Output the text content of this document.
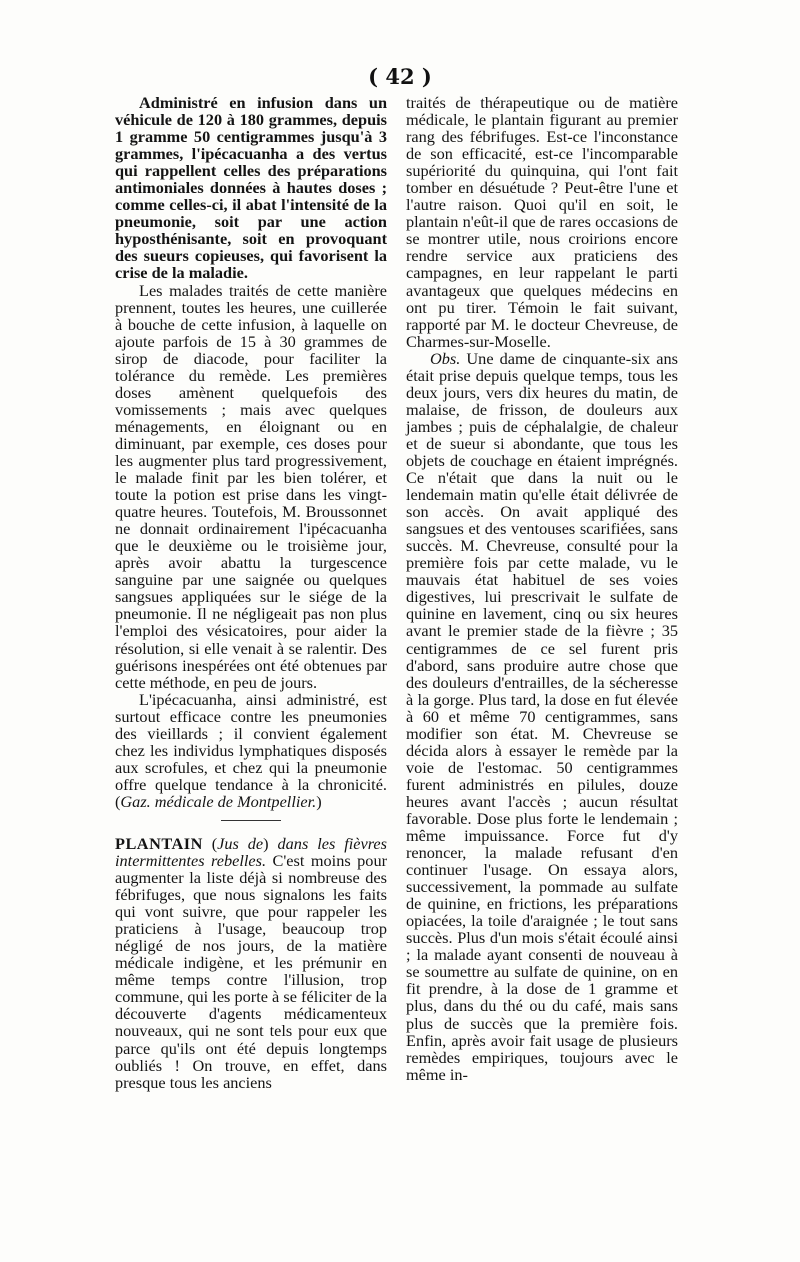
( 42 )

Administré en infusion dans un véhicule de 120 à 180 grammes, depuis 1 gramme 50 centigrammes jusqu'à 3 grammes, l'ipécacuanha a des vertus qui rappellent celles des préparations antimoniales données à hautes doses ; comme celles-ci, il abat l'intensité de la pneumonie, soit par une action hyposthénisante, soit en provoquant des sueurs copieuses, qui favorisent la crise de la maladie.

Les malades traités de cette manière prennent, toutes les heures, une cuillerée à bouche de cette infusion, à laquelle on ajoute parfois de 15 à 30 grammes de sirop de diacode, pour faciliter la tolérance du remède. Les premières doses amènent quelquefois des vomissements ; mais avec quelques ménagements, en éloignant ou en diminuant, par exemple, ces doses pour les augmenter plus tard progressivement, le malade finit par les bien tolérer, et toute la potion est prise dans les vingt-quatre heures. Toutefois, M. Broussonnet ne donnait ordinairement l'ipécacuanha que le deuxième ou le troisième jour, après avoir abattu la turgescence sanguine par une saignée ou quelques sangsues appliquées sur le siége de la pneumonie. Il ne négligeait pas non plus l'emploi des vésicatoires, pour aider la résolution, si elle venait à se ralentir. Des guérisons inespérées ont été obtenues par cette méthode, en peu de jours.

L'ipécacuanha, ainsi administré, est surtout efficace contre les pneumonies des vieillards ; il convient également chez les individus lymphatiques disposés aux scrofules, et chez qui la pneumonie offre quelque tendance à la chronicité. (Gaz. médicale de Montpellier.)

PLANTAIN (Jus de) dans les fièvres intermittentes rebelles. C'est moins pour augmenter la liste déjà si nombreuse des fébrifuges, que nous signalons les faits qui vont suivre, que pour rappeler les praticiens à l'usage, beaucoup trop négligé de nos jours, de la matière médicale indigène, et les prémunir en même temps contre l'illusion, trop commune, qui les porte à se féliciter de la découverte d'agents médicamenteux nouveaux, qui ne sont tels pour eux que parce qu'ils ont été depuis longtemps oubliés ! On trouve, en effet, dans presque tous les anciens

traités de thérapeutique ou de matière médicale, le plantain figurant au premier rang des fébrifuges. Est-ce l'inconstance de son efficacité, est-ce l'incomparable supériorité du quinquina, qui l'ont fait tomber en désuétude ? Peut-être l'une et l'autre raison. Quoi qu'il en soit, le plantain n'eût-il que de rares occasions de se montrer utile, nous croirions encore rendre service aux praticiens des campagnes, en leur rappelant le parti avantageux que quelques médecins en ont pu tirer. Témoin le fait suivant, rapporté par M. le docteur Chevreuse, de Charmes-sur-Moselle.

Obs. Une dame de cinquante-six ans était prise depuis quelque temps, tous les deux jours, vers dix heures du matin, de malaise, de frisson, de douleurs aux jambes ; puis de céphalalgie, de chaleur et de sueur si abondante, que tous les objets de couchage en étaient imprégnés. Ce n'était que dans la nuit ou le lendemain matin qu'elle était délivrée de son accès. On avait appliqué des sangsues et des ventouses scarifiées, sans succès. M. Chevreuse, consulté pour la première fois par cette malade, vu le mauvais état habituel de ses voies digestives, lui prescrivait le sulfate de quinine en lavement, cinq ou six heures avant le premier stade de la fièvre ; 35 centigrammes de ce sel furent pris d'abord, sans produire autre chose que des douleurs d'entrailles, de la sécheresse à la gorge. Plus tard, la dose en fut élevée à 60 et même 70 centigrammes, sans modifier son état. M. Chevreuse se décida alors à essayer le remède par la voie de l'estomac. 50 centigrammes furent administrés en pilules, douze heures avant l'accès ; aucun résultat favorable. Dose plus forte le lendemain ; même impuissance. Force fut d'y renoncer, la malade refusant d'en continuer l'usage. On essaya alors, successivement, la pommade au sulfate de quinine, en frictions, les préparations opiacées, la toile d'araignée ; le tout sans succès. Plus d'un mois s'était écoulé ainsi ; la malade ayant consenti de nouveau à se soumettre au sulfate de quinine, on en fit prendre, à la dose de 1 gramme et plus, dans du thé ou du café, mais sans plus de succès que la première fois. Enfin, après avoir fait usage de plusieurs remèdes empiriques, toujours avec le même in-
